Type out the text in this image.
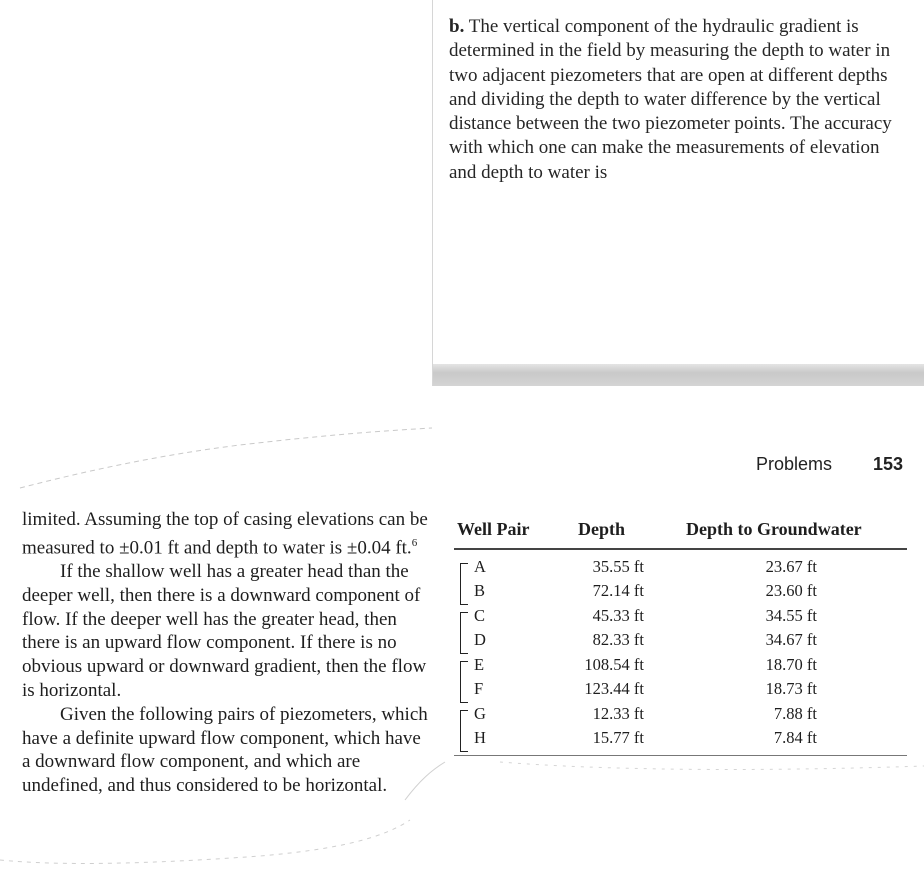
b. The vertical component of the hydraulic gradient is determined in the field by measuring the depth to water in two adjacent piezometers that are open at different depths and dividing the depth to water difference by the vertical distance between the two piezometer points. The accuracy with which one can make the measurements of elevation and depth to water is
Problems 153

limited. Assuming the top of casing elevations can be measured to ±0.01 ft and depth to water is ±0.04 ft.$^6$

If the shallow well has a greater head than the deeper well, then there is a downward component of flow. If the deeper well has the greater head, then there is an upward flow component. If there is no obvious upward or downward gradient, then the flow is horizontal.

Given the following pairs of piezometers, which have a definite upward flow component, which have a downward flow component, and which are undefined, and thus considered to be horizontal.

Well Pair	Depth	Depth to Groundwater
A	35.55 ft	23.67 ft
B	72.14 ft	23.60 ft
C	45.33 ft	34.55 ft
D	82.33 ft	34.67 ft
E	108.54 ft	18.70 ft
F	123.44 ft	18.73 ft
G	12.33 ft	7.88 ft
H	15.77 ft	7.84 ft
